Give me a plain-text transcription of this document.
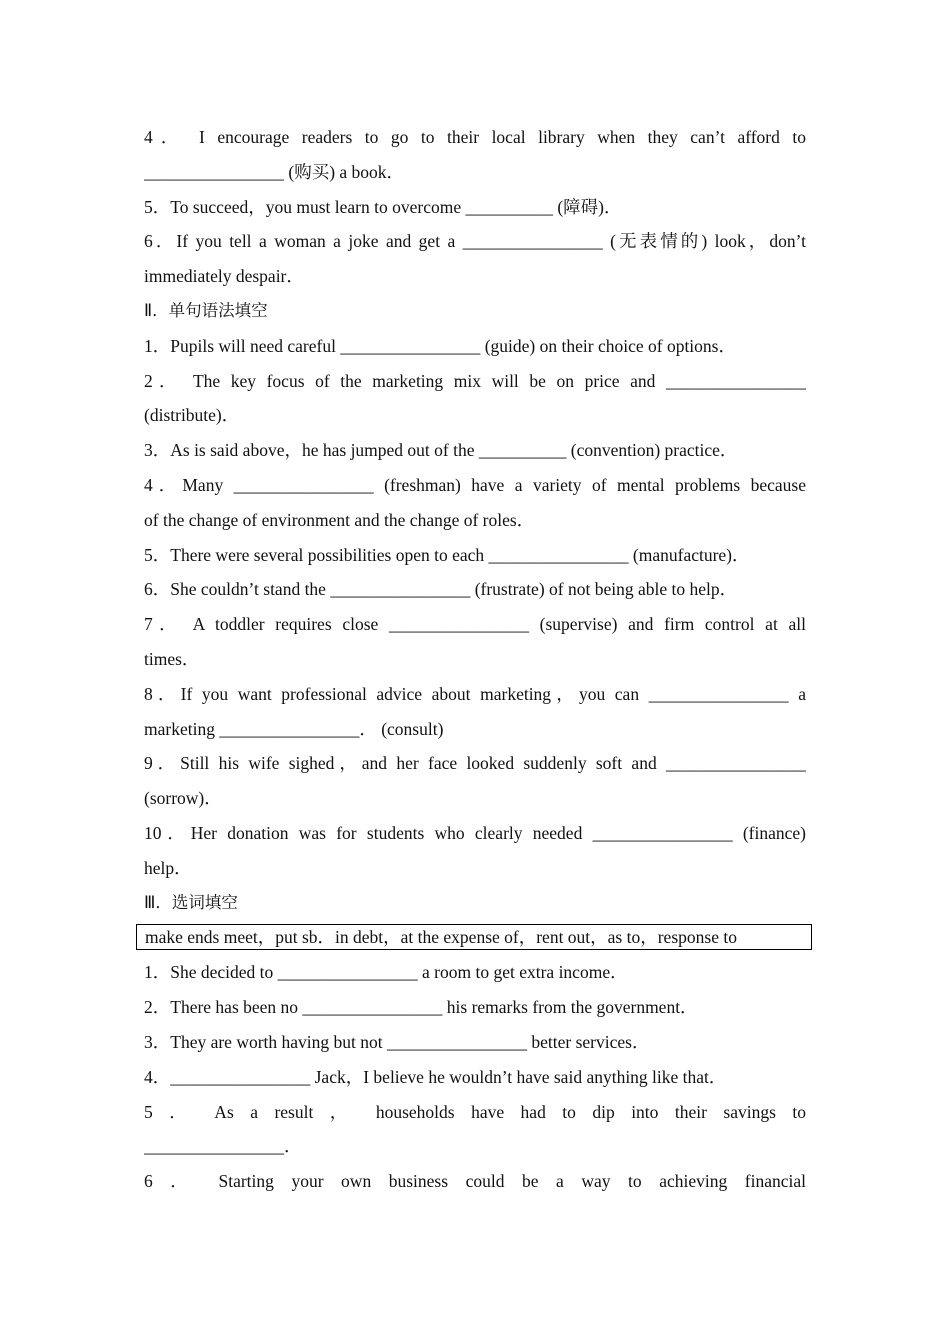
4． I encourage readers to go to their local library when they can’t afford to
________________ (购买) a book．
5．To succeed，you must learn to overcome __________ (障碍)．
6．If you tell a woman a joke and get a ________________ (无表情的) look，don’t
immediately despair．
Ⅱ．单句语法填空
1．Pupils will need careful ________________ (guide) on their choice of options．
2． The key focus of the marketing mix will be on price and ________________
(distribute)．
3．As is said above，he has jumped out of the __________ (convention) practice．
4．Many ________________ (freshman) have a variety of mental problems because
of the change of environment and the change of roles．
5．There were several possibilities open to each ________________ (manufacture)．
6．She couldn’t stand the ________________ (frustrate) of not being able to help．
7． A toddler requires close ________________ (supervise) and firm control at all
times．
8．If you want professional advice about marketing，you can ________________ a
marketing ________________． (consult)
9．Still his wife sighed，and her face looked suddenly soft and ________________
(sorrow)．
10．Her donation was for students who clearly needed ________________ (finance)
help．
Ⅲ．选词填空
make ends meet，put sb．in debt，at the expense of，rent out，as to，response to
1．She decided to ________________ a room to get extra income．
2．There has been no ________________ his remarks from the government．
3．They are worth having but not ________________ better services．
4．________________ Jack，I believe he wouldn’t have said anything like that．
5 ． As a result ， households have had to dip into their savings to
________________．
6 ． Starting your own business could be a way to achieving financial
